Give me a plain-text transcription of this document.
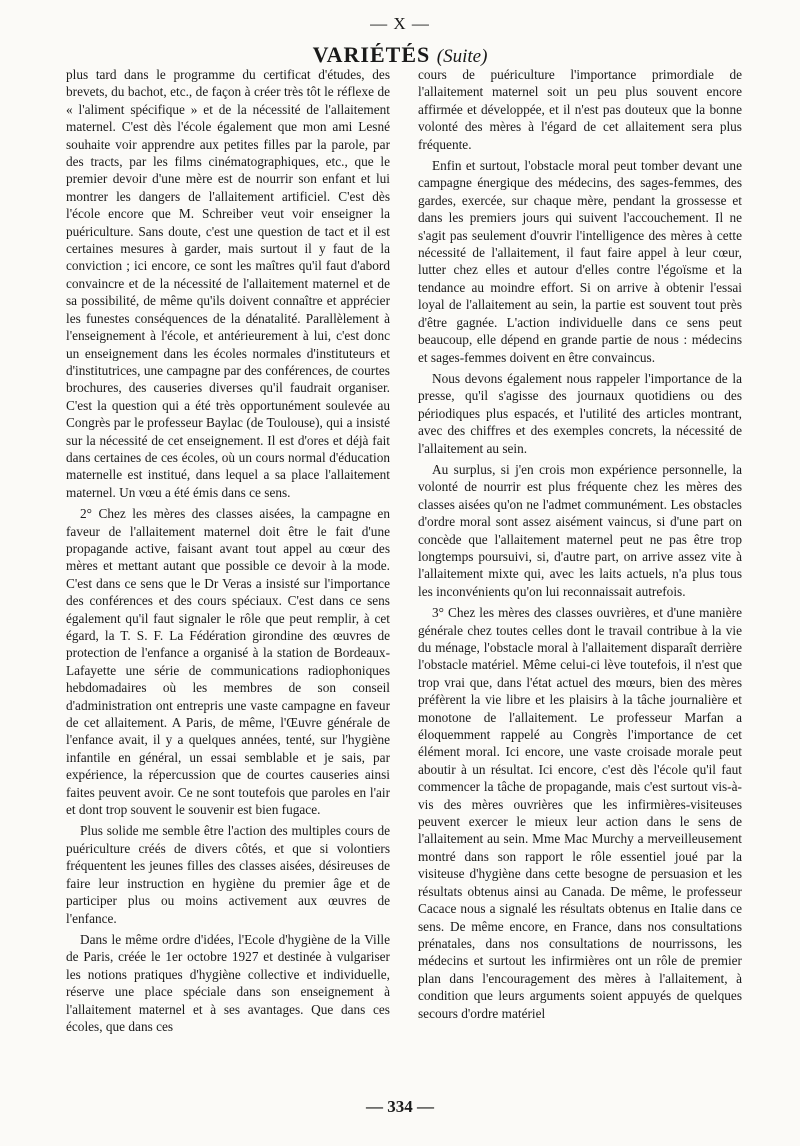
— X —
VARIÉTÉS (Suite)

plus tard dans le programme du certificat d'études, des brevets, du bachot, etc., de façon à créer très tôt le réflexe de « l'aliment spécifique » et de la nécessité de l'allaitement maternel. C'est dès l'école également que mon ami Lesné souhaite voir apprendre aux petites filles par la parole, par des tracts, par les films cinématographiques, etc., que le premier devoir d'une mère est de nourrir son enfant et lui montrer les dangers de l'allaitement artificiel. C'est dès l'école encore que M. Schreiber veut voir enseigner la puériculture. Sans doute, c'est une question de tact et il est certaines mesures à garder, mais surtout il y faut de la conviction ; ici encore, ce sont les maîtres qu'il faut d'abord convaincre et de la nécessité de l'allaitement maternel et de sa possibilité, de même qu'ils doivent connaître et apprécier les funestes conséquences de la dénatalité. Parallèlement à l'enseignement à l'école, et antérieurement à lui, c'est donc un enseignement dans les écoles normales d'instituteurs et d'institutrices, une campagne par des conférences, de courtes brochures, des causeries diverses qu'il faudrait organiser. C'est la question qui a été très opportunément soulevée au Congrès par le professeur Baylac (de Toulouse), qui a insisté sur la nécessité de cet enseignement. Il est d'ores et déjà fait dans certaines de ces écoles, où un cours normal d'éducation maternelle est institué, dans lequel a sa place l'allaitement maternel. Un vœu a été émis dans ce sens.

2° Chez les mères des classes aisées, la campagne en faveur de l'allaitement maternel doit être le fait d'une propagande active, faisant avant tout appel au cœur des mères et mettant autant que possible ce devoir à la mode. C'est dans ce sens que le Dr Veras a insisté sur l'importance des conférences et des cours spéciaux. C'est dans ce sens également qu'il faut signaler le rôle que peut remplir, à cet égard, la T. S. F. La Fédération girondine des œuvres de protection de l'enfance a organisé à la station de Bordeaux-Lafayette une série de communications radiophoniques hebdomadaires où les membres de son conseil d'administration ont entrepris une vaste campagne en faveur de cet allaitement. A Paris, de même, l'Œuvre générale de l'enfance avait, il y a quelques années, tenté, sur l'hygiène infantile en général, un essai semblable et je sais, par expérience, la répercussion que de courtes causeries ainsi faites peuvent avoir. Ce ne sont toutefois que paroles en l'air et dont trop souvent le souvenir est bien fugace.

Plus solide me semble être l'action des multiples cours de puériculture créés de divers côtés, et que si volontiers fréquentent les jeunes filles des classes aisées, désireuses de faire leur instruction en hygiène du premier âge et de participer plus ou moins activement aux œuvres de l'enfance.

Dans le même ordre d'idées, l'Ecole d'hygiène de la Ville de Paris, créée le 1er octobre 1927 et destinée à vulgariser les notions pratiques d'hygiène collective et individuelle, réserve une place spéciale dans son enseignement à l'allaitement maternel et à ses avantages. Que dans ces écoles, que dans ces

cours de puériculture l'importance primordiale de l'allaitement maternel soit un peu plus souvent encore affirmée et développée, et il n'est pas douteux que la bonne volonté des mères à l'égard de cet allaitement sera plus fréquente.

Enfin et surtout, l'obstacle moral peut tomber devant une campagne énergique des médecins, des sages-femmes, des gardes, exercée, sur chaque mère, pendant la grossesse et dans les premiers jours qui suivent l'accouchement. Il ne s'agit pas seulement d'ouvrir l'intelligence des mères à cette nécessité de l'allaitement, il faut faire appel à leur cœur, lutter chez elles et autour d'elles contre l'égoïsme et la tendance au moindre effort. Si on arrive à obtenir l'essai loyal de l'allaitement au sein, la partie est souvent tout près d'être gagnée. L'action individuelle dans ce sens peut beaucoup, elle dépend en grande partie de nous : médecins et sages-femmes doivent en être convaincus.

Nous devons également nous rappeler l'importance de la presse, qu'il s'agisse des journaux quotidiens ou des périodiques plus espacés, et l'utilité des articles montrant, avec des chiffres et des exemples concrets, la nécessité de l'allaitement au sein.

Au surplus, si j'en crois mon expérience personnelle, la volonté de nourrir est plus fréquente chez les mères des classes aisées qu'on ne l'admet communément. Les obstacles d'ordre moral sont assez aisément vaincus, si d'une part on concède que l'allaitement maternel peut ne pas être trop longtemps poursuivi, si, d'autre part, on arrive assez vite à l'allaitement mixte qui, avec les laits actuels, n'a plus tous les inconvénients qu'on lui reconnaissait autrefois.

3° Chez les mères des classes ouvrières, et d'une manière générale chez toutes celles dont le travail contribue à la vie du ménage, l'obstacle moral à l'allaitement disparaît derrière l'obstacle matériel. Même celui-ci lève toutefois, il n'est que trop vrai que, dans l'état actuel des mœurs, bien des mères préfèrent la vie libre et les plaisirs à la tâche journalière et monotone de l'allaitement. Le professeur Marfan a éloquemment rappelé au Congrès l'importance de cet élément moral. Ici encore, une vaste croisade morale peut aboutir à un résultat. Ici encore, c'est dès l'école qu'il faut commencer la tâche de propagande, mais c'est surtout vis-à-vis des mères ouvrières que les infirmières-visiteuses peuvent exercer le mieux leur action dans le sens de l'allaitement au sein. Mme Mac Murchy a merveilleusement montré dans son rapport le rôle essentiel joué par la visiteuse d'hygiène dans cette besogne de persuasion et les résultats obtenus ainsi au Canada. De même, le professeur Cacace nous a signalé les résultats obtenus en Italie dans ce sens. De même encore, en France, dans nos consultations prénatales, dans nos consultations de nourrissons, les médecins et surtout les infirmières ont un rôle de premier plan dans l'encouragement des mères à l'allaitement, à condition que leurs arguments soient appuyés de quelques secours d'ordre matériel

— 334 —
